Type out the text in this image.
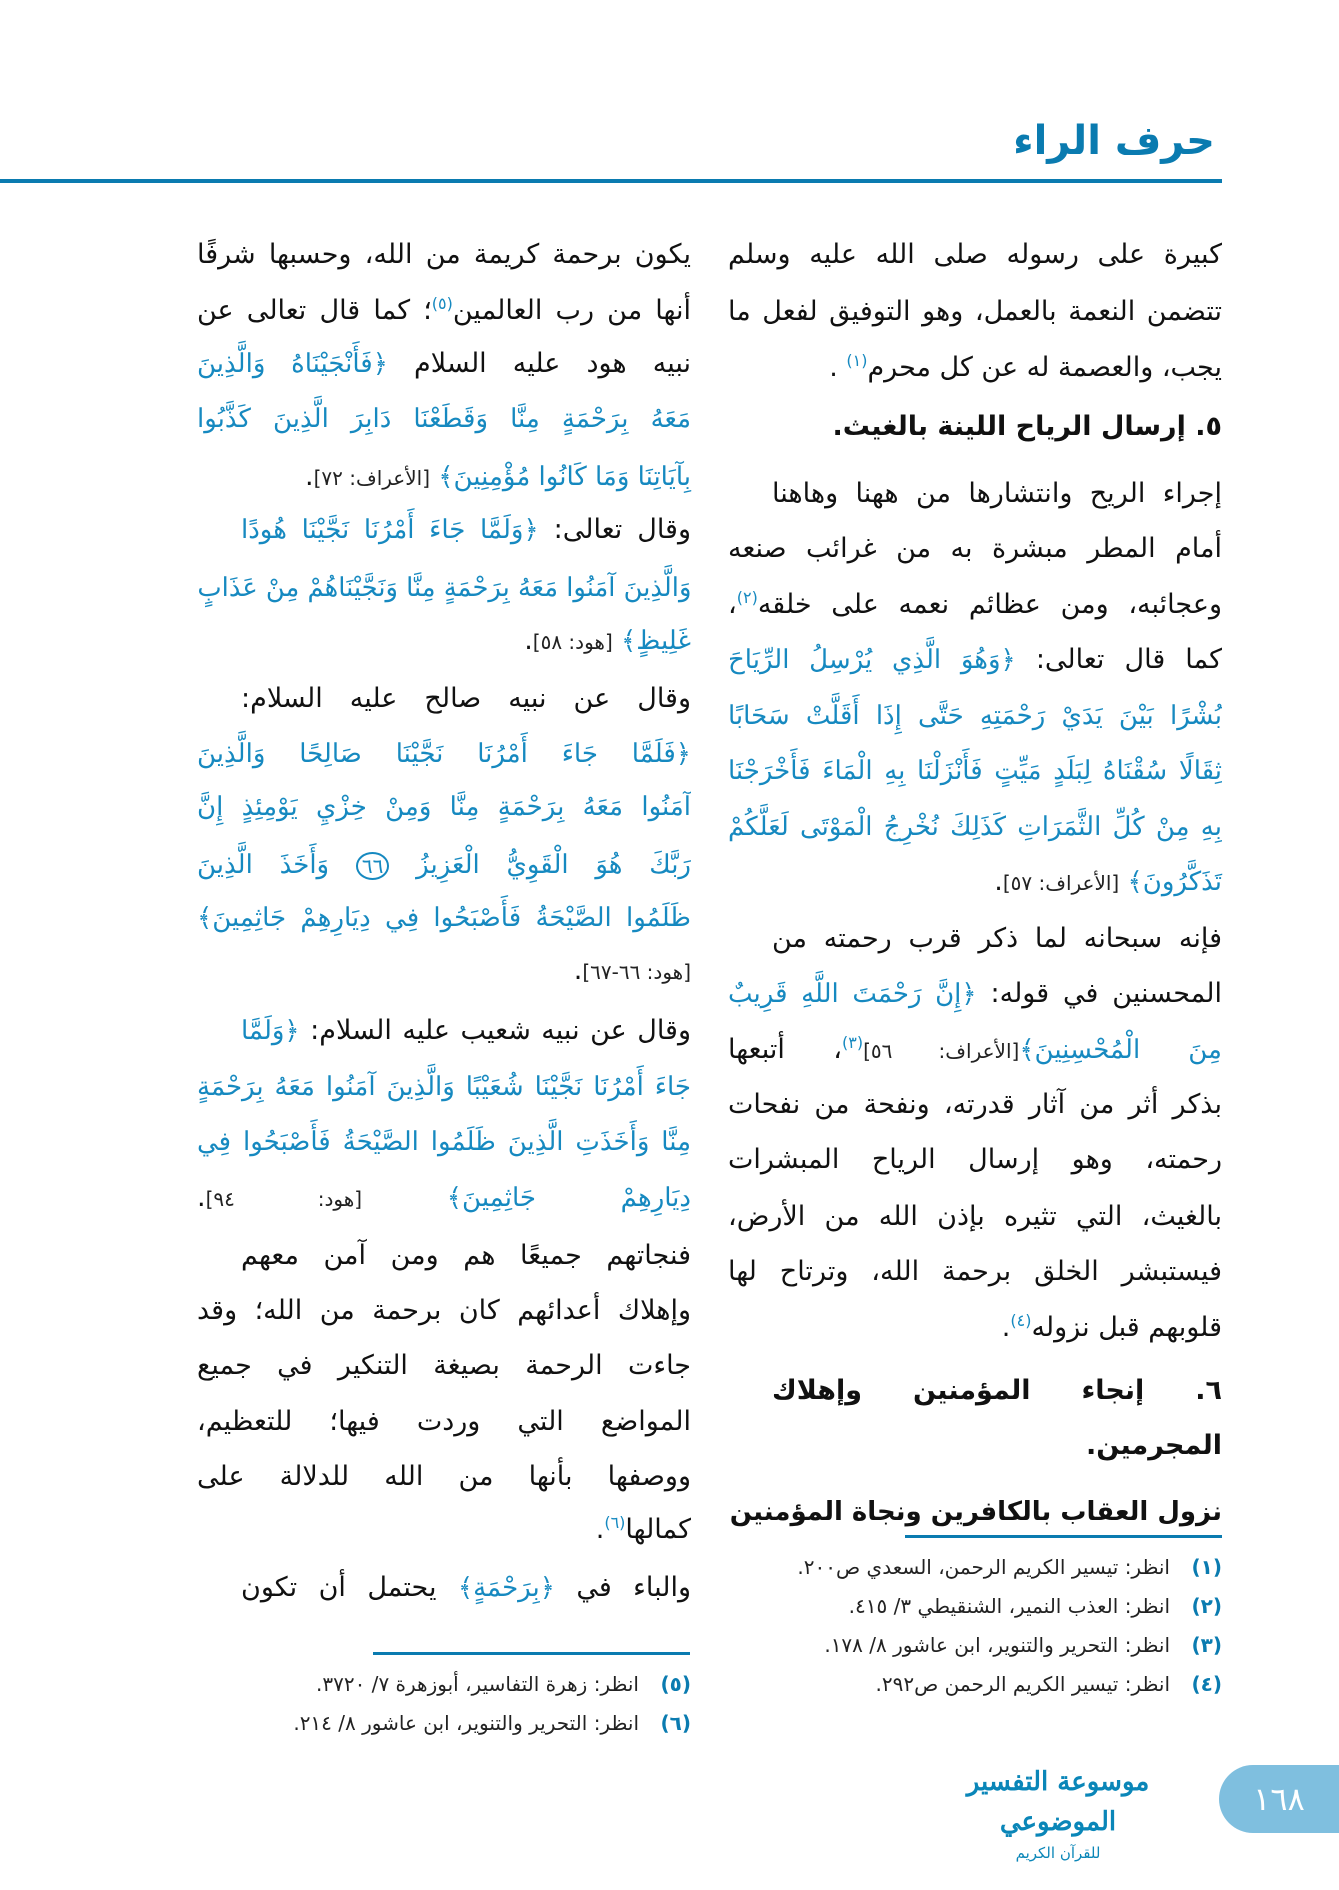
حرف الراء
كبيرة على رسوله صلى الله عليه وسلم
تتضمن النعمة بالعمل، وهو التوفيق لفعل ما
يجب، والعصمة له عن كل محرم$^{(١)}$ .
٥. إرسال الرياح اللينة بالغيث.
إجراء الريح وانتشارها من ههنا وهاهنا
أمام المطر مبشرة به من غرائب صنعه
وعجائبه، ومن عظائم نعمه على خلقه$^{(٢)}$،
كما قال تعالى: ﴿وَهُوَ الَّذِي يُرْسِلُ الرِّيَاحَ
بُشْرًا بَيْنَ يَدَيْ رَحْمَتِهِ حَتَّى إِذَا أَقَلَّتْ سَحَابًا
ثِقَالًا سُقْنَاهُ لِبَلَدٍ مَيِّتٍ فَأَنْزَلْنَا بِهِ الْمَاءَ فَأَخْرَجْنَا
بِهِ مِنْ كُلِّ الثَّمَرَاتِ كَذَلِكَ نُخْرِجُ الْمَوْتَى لَعَلَّكُمْ
تَذَكَّرُونَ﴾ [الأعراف: ٥٧].
فإنه سبحانه لما ذكر قرب رحمته من
المحسنين في قوله: ﴿إِنَّ رَحْمَتَ اللَّهِ قَرِيبٌ
مِنَ الْمُحْسِنِينَ﴾[الأعراف: ٥٦]$^{(٣)}$، أتبعها
بذكر أثر من آثار قدرته، ونفحة من نفحات
رحمته، وهو إرسال الرياح المبشرات
بالغيث، التي تثيره بإذن الله من الأرض،
فيستبشر الخلق برحمة الله، وترتاح لها
قلوبهم قبل نزوله$^{(٤)}$.
٦. إنجاء المؤمنين وإهلاك
المجرمين.
نزول العقاب بالكافرين ونجاة المؤمنين
يكون برحمة كريمة من الله، وحسبها شرفًا
أنها من رب العالمين$^{(٥)}$؛ كما قال تعالى عن
نبيه هود عليه السلام ﴿فَأَنْجَيْنَاهُ وَالَّذِينَ
مَعَهُ بِرَحْمَةٍ مِنَّا وَقَطَعْنَا دَابِرَ الَّذِينَ كَذَّبُوا
بِآيَاتِنَا وَمَا كَانُوا مُؤْمِنِينَ﴾ [الأعراف: ٧٢].
وقال تعالى: ﴿وَلَمَّا جَاءَ أَمْرُنَا نَجَّيْنَا هُودًا
وَالَّذِينَ آمَنُوا مَعَهُ بِرَحْمَةٍ مِنَّا وَنَجَّيْنَاهُمْ مِنْ عَذَابٍ
غَلِيظٍ﴾ [هود: ٥٨].
وقال عن نبيه صالح عليه السلام:
﴿فَلَمَّا جَاءَ أَمْرُنَا نَجَّيْنَا صَالِحًا وَالَّذِينَ
آمَنُوا مَعَهُ بِرَحْمَةٍ مِنَّا وَمِنْ خِزْيِ يَوْمِئِذٍ إِنَّ
رَبَّكَ هُوَ الْقَوِيُّ الْعَزِيزُ ٦٦ وَأَخَذَ الَّذِينَ
ظَلَمُوا الصَّيْحَةُ فَأَصْبَحُوا فِي دِيَارِهِمْ جَاثِمِينَ﴾
[هود: ٦٦-٦٧].
وقال عن نبيه شعيب عليه السلام: ﴿وَلَمَّا
جَاءَ أَمْرُنَا نَجَّيْنَا شُعَيْبًا وَالَّذِينَ آمَنُوا مَعَهُ بِرَحْمَةٍ
مِنَّا وَأَخَذَتِ الَّذِينَ ظَلَمُوا الصَّيْحَةُ فَأَصْبَحُوا فِي
دِيَارِهِمْ جَاثِمِينَ﴾ [هود: ٩٤].
فنجاتهم جميعًا هم ومن آمن معهم
وإهلاك أعدائهم كان برحمة من الله؛ وقد
جاءت الرحمة بصيغة التنكير في جميع
المواضع التي وردت فيها؛ للتعظيم،
ووصفها بأنها من الله للدلالة على
كمالها$^{(٦)}$.
والباء في ﴿بِرَحْمَةٍ﴾ يحتمل أن تكون
(١)
انظر: تيسير الكريم الرحمن، السعدي ص٢٠٠.
(٢)
انظر: العذب النمير، الشنقيطي ٣/ ٤١٥.
(٣)
انظر: التحرير والتنوير، ابن عاشور ٨/ ١٧٨.
(٤)
انظر: تيسير الكريم الرحمن ص٢٩٢.
(٥)
انظر: زهرة التفاسير، أبوزهرة ٧/ ٣٧٢٠.
(٦)
انظر: التحرير والتنوير، ابن عاشور ٨/ ٢١٤.
موسوعة التفسير الموضوعي
للقرآن الكريم
١٦٨
